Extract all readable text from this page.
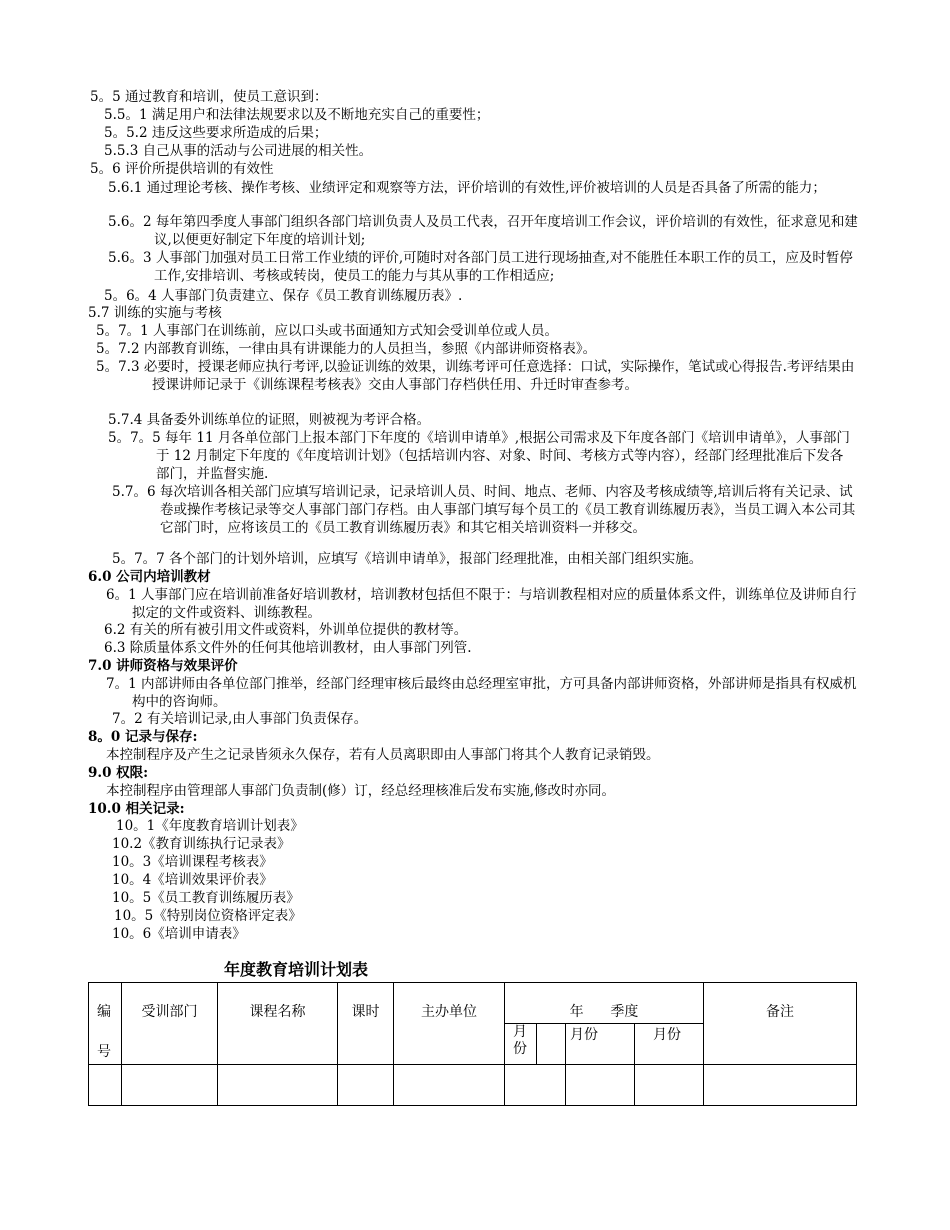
5。5 通过教育和培训，使员工意识到：
5.5。1 满足用户和法律法规要求以及不断地充实自己的重要性；
5。5.2 违反这些要求所造成的后果；
5.5.3 自己从事的活动与公司进展的相关性。
5。6 评价所提供培训的有效性
5.6.1 通过理论考核、操作考核、业绩评定和观察等方法，评价培训的有效性,评价被培训的人员是否具备了所需的能力；
5.6。2 每年第四季度人事部门组织各部门培训负责人及员工代表，召开年度培训工作会议，评价培训的有效性，征求意见和建议,以便更好制定下年度的培训计划;
5.6。3 人事部门加强对员工日常工作业绩的评价,可随时对各部门员工进行现场抽查,对不能胜任本职工作的员工，应及时暂停工作,安排培训、考核或转岗，使员工的能力与其从事的工作相适应;
5。6。4 人事部门负责建立、保存《员工教育训练履历表》.
5.7 训练的实施与考核
5。7。1 人事部门在训练前，应以口头或书面通知方式知会受训单位或人员。
5。7.2 内部教育训练，一律由具有讲课能力的人员担当，参照《内部讲师资格表》。
5。7.3 必要时，授课老师应执行考评,以验证训练的效果，训练考评可任意选择：口试，实际操作，笔试或心得报告.考评结果由授课讲师记录于《训练课程考核表》交由人事部门存档供任用、升迁时审查参考。
5.7.4 具备委外训练单位的证照，则被视为考评合格。
5。7。5 每年 11 月各单位部门上报本部门下年度的《培训申请单》,根据公司需求及下年度各部门《培训申请单》，人事部门于 12 月制定下年度的《年度培训计划》（包括培训内容、对象、时间、考核方式等内容），经部门经理批准后下发各部门，并监督实施.
5.7。6 每次培训各相关部门应填写培训记录，记录培训人员、时间、地点、老师、内容及考核成绩等,培训后将有关记录、试卷或操作考核记录等交人事部门部门存档。由人事部门填写每个员工的《员工教育训练履历表》，当员工调入本公司其它部门时，应将该员工的《员工教育训练履历表》和其它相关培训资料一并移交。
5。7。7 各个部门的计划外培训，应填写《培训申请单》，报部门经理批准，由相关部门组织实施。
6.0 公司内培训教材
6。1 人事部门应在培训前准备好培训教材，培训教材包括但不限于：与培训教程相对应的质量体系文件，训练单位及讲师自行拟定的文件或资料、训练教程。
6.2 有关的所有被引用文件或资料，外训单位提供的教材等。
6.3 除质量体系文件外的任何其他培训教材，由人事部门列管.
7.0 讲师资格与效果评价
7。1 内部讲师由各单位部门推举，经部门经理审核后最终由总经理室审批，方可具备内部讲师资格，外部讲师是指具有权威机构中的咨询师。
7。2 有关培训记录,由人事部门负责保存。
8。0 记录与保存:
本控制程序及产生之记录皆须永久保存，若有人员离职即由人事部门将其个人教育记录销毁。
9.0 权限:
本控制程序由管理部人事部门负责制(修）订，经总经理核准后发布实施,修改时亦同。
10.0 相关记录:
10。1《年度教育培训计划表》
10.2《教育训练执行记录表》
10。3《培训课程考核表》
10。4《培训效果评价表》
10。5《员工教育训练履历表》
10。5《特别岗位资格评定表》
10。6《培训申请表》
年度教育培训计划表
编
号	受训部门	课程名称	课时	主办单位	年      季度			备注

					月份	月份	月份	
